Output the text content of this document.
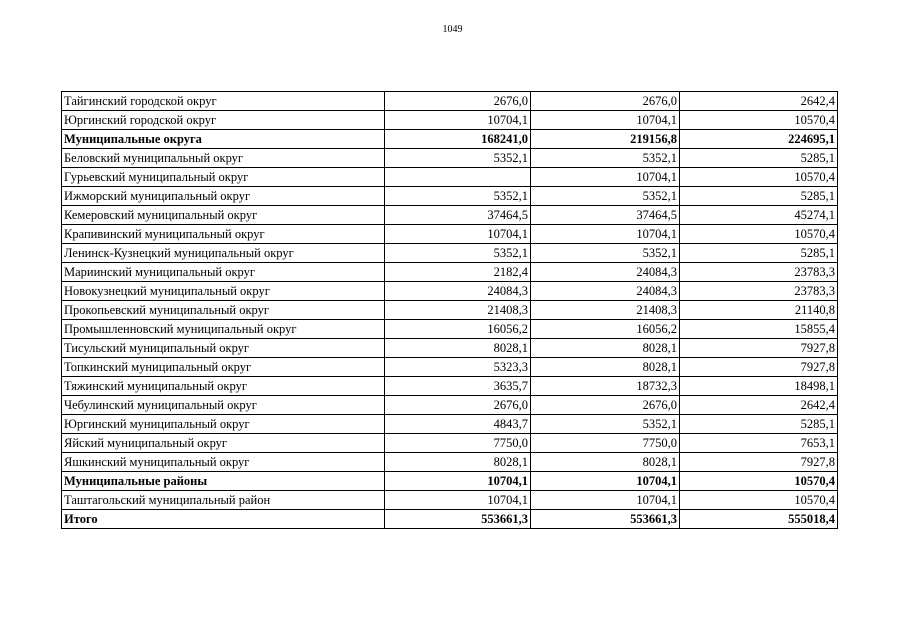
1049
Тайгинский городской округ	2676,0	2676,0	2642,4
Юргинский городской округ	10704,1	10704,1	10570,4
Муниципальные округа	168241,0	219156,8	224695,1
Беловский муниципальный округ	5352,1	5352,1	5285,1
Гурьевский муниципальный округ		10704,1	10570,4
Ижморский муниципальный округ	5352,1	5352,1	5285,1
Кемеровский муниципальный округ	37464,5	37464,5	45274,1
Крапивинский муниципальный округ	10704,1	10704,1	10570,4
Ленинск-Кузнецкий муниципальный округ	5352,1	5352,1	5285,1
Мариинский муниципальный округ	2182,4	24084,3	23783,3
Новокузнецкий муниципальный округ	24084,3	24084,3	23783,3
Прокопьевский муниципальный округ	21408,3	21408,3	21140,8
Промышленновский муниципальный округ	16056,2	16056,2	15855,4
Тисульский муниципальный округ	8028,1	8028,1	7927,8
Топкинский муниципальный округ	5323,3	8028,1	7927,8
Тяжинский муниципальный округ	3635,7	18732,3	18498,1
Чебулинский муниципальный округ	2676,0	2676,0	2642,4
Юргинский муниципальный округ	4843,7	5352,1	5285,1
Яйский муниципальный округ	7750,0	7750,0	7653,1
Яшкинский муниципальный округ	8028,1	8028,1	7927,8
Муниципальные районы	10704,1	10704,1	10570,4
Таштагольский муниципальный район	10704,1	10704,1	10570,4
Итого	553661,3	553661,3	555018,4
